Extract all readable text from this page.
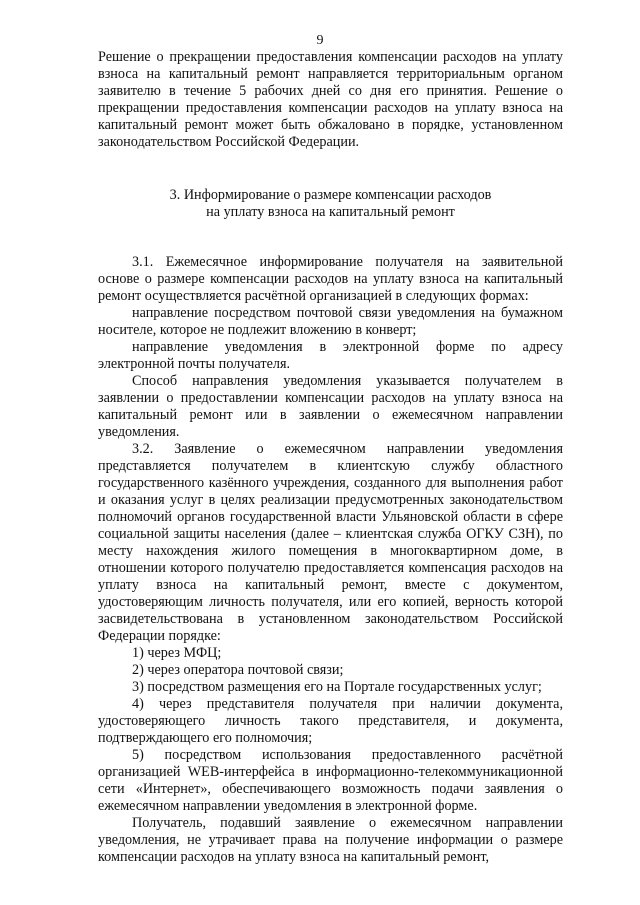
9

Решение о прекращении предоставления компенсации расходов на уплату взноса на капитальный ремонт направляется территориальным органом заявителю в течение 5 рабочих дней со дня его принятия. Решение о прекращении предоставления компенсации расходов на уплату взноса на капитальный ремонт может быть обжаловано в порядке, установленном законодательством Российской Федерации.

3. Информирование о размере компенсации расходов

на уплату взноса на капитальный ремонт

3.1. Ежемесячное информирование получателя на заявительной основе о размере компенсации расходов на уплату взноса на капитальный ремонт осуществляется расчётной организацией в следующих формах:

направление посредством почтовой связи уведомления на бумажном носителе, которое не подлежит вложению в конверт;

направление уведомления в электронной форме по адресу электронной почты получателя.

Способ направления уведомления указывается получателем в заявлении о предоставлении компенсации расходов на уплату взноса на капитальный ремонт или в заявлении о ежемесячном направлении уведомления.

3.2. Заявление о ежемесячном направлении уведомления представляется получателем в клиентскую службу областного государственного казённого учреждения, созданного для выполнения работ и оказания услуг в целях реализации предусмотренных законодательством полномочий органов государственной власти Ульяновской области в сфере социальной защиты населения (далее – клиентская служба ОГКУ СЗН), по месту нахождения жилого помещения в многоквартирном доме, в отношении которого получателю предоставляется компенсация расходов на уплату взноса на капитальный ремонт, вместе с документом, удостоверяющим личность получателя, или его копией, верность которой засвидетельствована в установленном законодательством Российской Федерации порядке:

1) через МФЦ;

2) через оператора почтовой связи;

3) посредством размещения его на Портале государственных услуг;

4) через представителя получателя при наличии документа, удостоверяющего личность такого представителя, и документа, подтверждающего его полномочия;

5) посредством использования предоставленного расчётной организацией WEB-интерфейса в информационно-телекоммуникационной сети «Интернет», обеспечивающего возможность подачи заявления о ежемесячном направлении уведомления в электронной форме.

Получатель, подавший заявление о ежемесячном направлении уведомления, не утрачивает права на получение информации о размере компенсации расходов на уплату взноса на капитальный ремонт,
